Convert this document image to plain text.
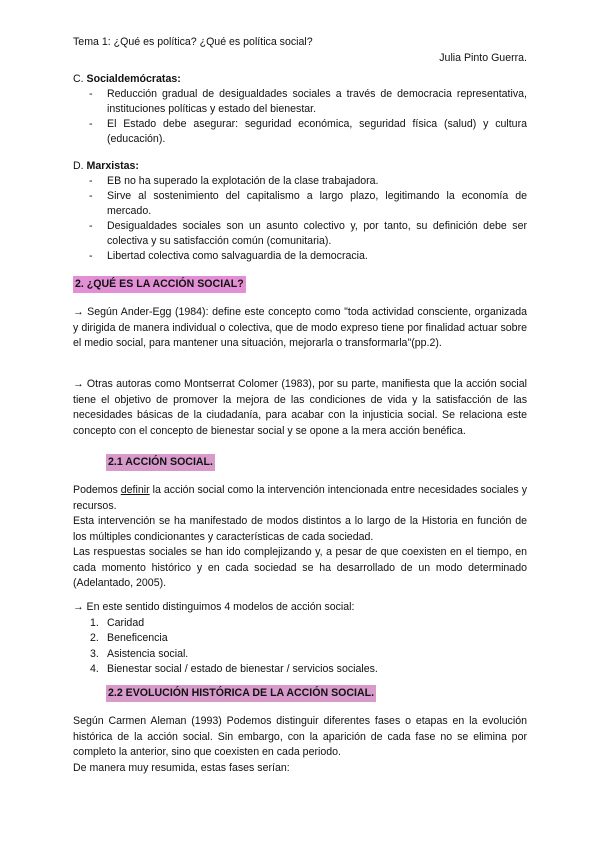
Tema 1: ¿Qué es política? ¿Qué es política social?
Julia Pinto Guerra.
C. Socialdemócratas:
- Reducción gradual de desigualdades sociales a través de democracia representativa, instituciones políticas y estado del bienestar.
- El Estado debe asegurar: seguridad económica, seguridad física (salud) y cultura (educación).
D. Marxistas:
- EB no ha superado la explotación de la clase trabajadora.
- Sirve al sostenimiento del capitalismo a largo plazo, legitimando la economía de mercado.
- Desigualdades sociales son un asunto colectivo y, por tanto, su definición debe ser colectiva y su satisfacción común (comunitaria).
- Libertad colectiva como salvaguardia de la democracia.
2. ¿QUÉ ES LA ACCIÓN SOCIAL?

→ Según Ander-Egg (1984): define este concepto como "toda actividad consciente, organizada y dirigida de manera individual o colectiva, que de modo expreso tiene por finalidad actuar sobre el medio social, para mantener una situación, mejorarla o transformarla"(pp.2).

→ Otras autoras como Montserrat Colomer (1983), por su parte, manifiesta que la acción social tiene el objetivo de promover la mejora de las condiciones de vida y la satisfacción de las necesidades básicas de la ciudadanía, para acabar con la injusticia social. Se relaciona este concepto con el concepto de bienestar social y se opone a la mera acción benéfica.

2.1 ACCIÓN SOCIAL.

Podemos definir la acción social como la intervención intencionada entre necesidades sociales y recursos.

Esta intervención se ha manifestado de modos distintos a lo largo de la Historia en función de los múltiples condicionantes y características de cada sociedad.

Las respuestas sociales se han ido complejizando y, a pesar de que coexisten en el tiempo, en cada momento histórico y en cada sociedad se ha desarrollado de un modo determinado (Adelantado, 2005).

→ En este sentido distinguimos 4 modelos de acción social:

1. Caridad
2. Beneficencia
3. Asistencia social.
4. Bienestar social / estado de bienestar / servicios sociales.
2.2 EVOLUCIÓN HISTÓRICA DE LA ACCIÓN SOCIAL.

Según Carmen Aleman (1993) Podemos distinguir diferentes fases o etapas en la evolución histórica de la acción social. Sin embargo, con la aparición de cada fase no se elimina por completo la anterior, sino que coexisten en cada periodo.

De manera muy resumida, estas fases serían:
